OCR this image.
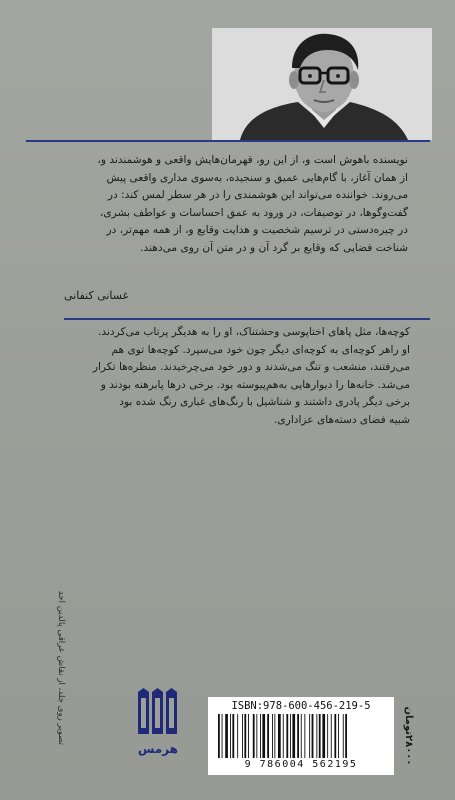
نویسنده باهوش است و، از این رو، قهرمان‌هایش واقعی و هوشمندند و،

از همان آغاز، با گام‌هایی عمیق و سنجیده، به‌سوی مداری واقعی پیش

می‌روند. خواننده می‌تواند این هوشمندی را در هر سطر لمس کند: در

گفت‌وگوها، در توصیفات، در ورود به عمق احساسات و عواطف بشری،

در چیره‌دستی در ترسیم شخصیت و هدایت وقایع و، از همه مهم‌تر، در

شناخت فضایی که وقایع بر گرد آن و در متن آن روی می‌دهند.

غسانی کنفانی

کوچه‌ها، مثل پاهای اختاپوسی وحشتناک، او را به هدیگر پرتاب می‌کردند.

او راهر کوچه‌ای به کوچه‌ای دیگر چون خود می‌سپرد. کوچه‌ها توی هم

می‌رفتند، منشعب و تنگ می‌شدند و دور خود می‌چرخیدند. منظره‌ها تکرار

می‌شد. خانه‌ها را دیوارهایی به‌هم‌پیوسته بود. برخی درها پابرهنه بودند و

برخی دیگر پادری داشتند و شناشیل با رنگ‌های غباری رنگ شده بود

شبیه فضای دسته‌های عزاداری.

تصویر روی جلد، از نقاش عراقی پالدین احد
هرمس
ISBN:978-600-456-219-5
9 786004 562195
۲۸۰۰۰تومان
